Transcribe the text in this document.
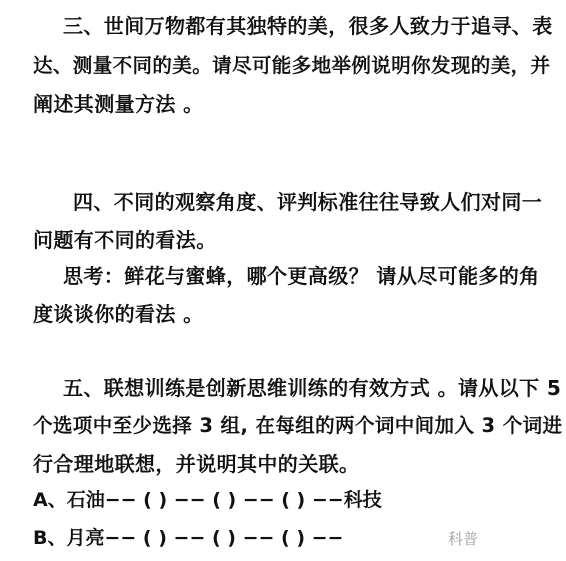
三、世间万物都有其独特的美，很多人致力于追寻、表
达、测量不同的美。请尽可能多地举例说明你发现的美，并
阐述其测量方法 。
四、不同的观察角度、评判标准往往导致人们对同一
问题有不同的看法。
思考：鲜花与蜜蜂，哪个更高级？ 请从尽可能多的角
度谈谈你的看法 。
五、联想训练是创新思维训练的有效方式 。请从以下 5
个选项中至少选择 3 组, 在每组的两个词中间加入 3 个词进
行合理地联想，并说明其中的关联。
A、石油−− ( ) −− ( ) −− ( ) −−科技
B、月亮−− ( ) −− ( ) −− ( ) −−	科普
